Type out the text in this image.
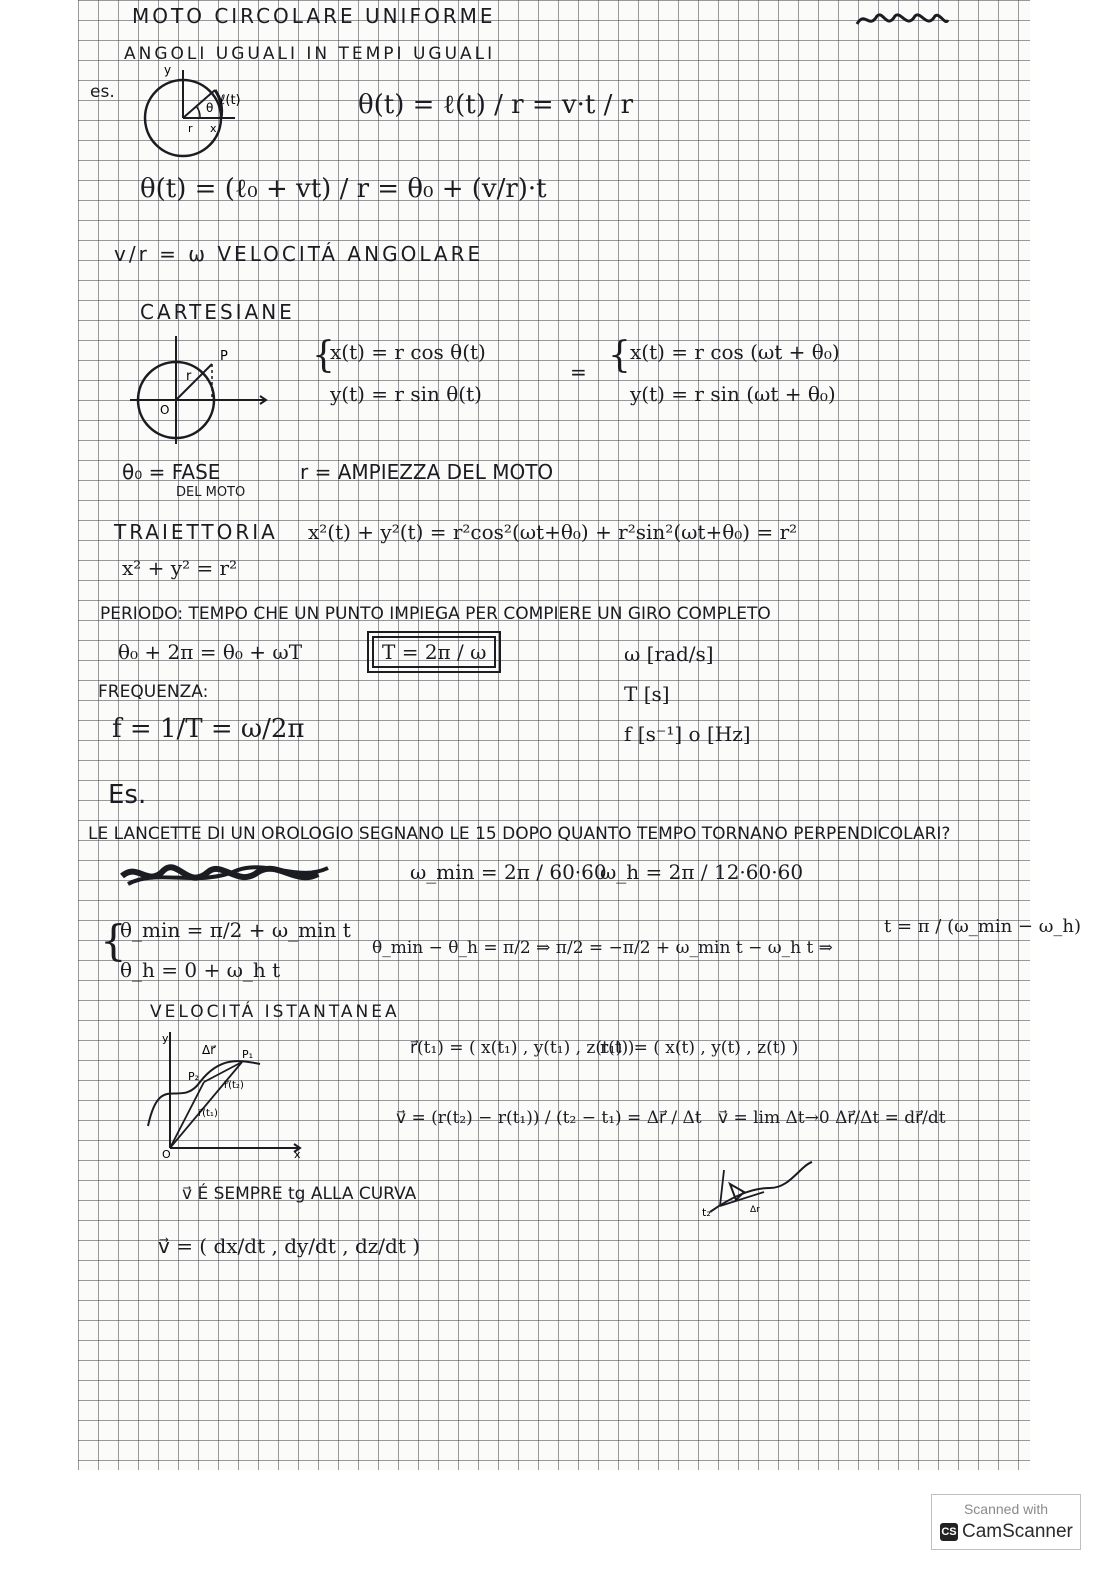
MOTO CIRCOLARE UNIFORME
ANGOLI UGUALI IN TEMPI UGUALI
es.
y
θ ℓ(t)
r x
θ(t) = ℓ(t) / r = v·t / r
θ(t) = (ℓ₀ + vt) / r = θ₀ + (v/r)·t
v/r = ω VELOCITÁ ANGOLARE
CARTESIANE
P
r
O
{
x(t) = r cos θ(t)
y(t) = r sin θ(t)
= { x(t) = r cos (ωt + θ₀)
y(t) = r sin (ωt + θ₀)
θ₀ = FASE
DEL MOTO
r = AMPIEZZA DEL MOTO
TRAIETTORIA x²(t) + y²(t) = r²cos²(ωt+θ₀) + r²sin²(ωt+θ₀) = r²
x² + y² = r²
PERIODO: TEMPO CHE UN PUNTO IMPIEGA PER COMPIERE UN GIRO COMPLETO
θ₀ + 2π = θ₀ + ωT	T = 2π / ω	ω [rad/s]
T [s]
f [s⁻¹] o [Hz]
FREQUENZA:
f = 1/T = ω/2π
Es.
LE LANCETTE DI UN OROLOGIO SEGNANO LE 15 DOPO QUANTO TEMPO TORNANO PERPENDICOLARI?
ω_min = 2π / 60·60
ω_h = 2π / 12·60·60
{
θ_min = π/2 + ω_min t
θ_h = 0 + ω_h t
θ_min − θ_h = π/2 ⇒ π/2 = −π/2 + ω_min t − ω_h t ⇒
t = π / (ω_min − ω_h)
VELOCITÁ ISTANTANEA
y
x
O
Δr⃗ P₁
P₂
r⃗(t₂)
r⃗(t₁)
r⃗(t₁) = ( x(t₁) , y(t₁) , z(t₁) )
r(t) = ( x(t) , y(t) , z(t) )
v⃗ = (r(t₂) − r(t₁)) / (t₂ − t₁) = Δr⃗ / Δt v⃗ = lim Δt→0 Δr⃗/Δt = dr⃗/dt
t₂	Δr
v⃗ É SEMPRE tg ALLA CURVA
v⃗ = ( dx/dt , dy/dt , dz/dt )
Scanned with
CS CamScanner
